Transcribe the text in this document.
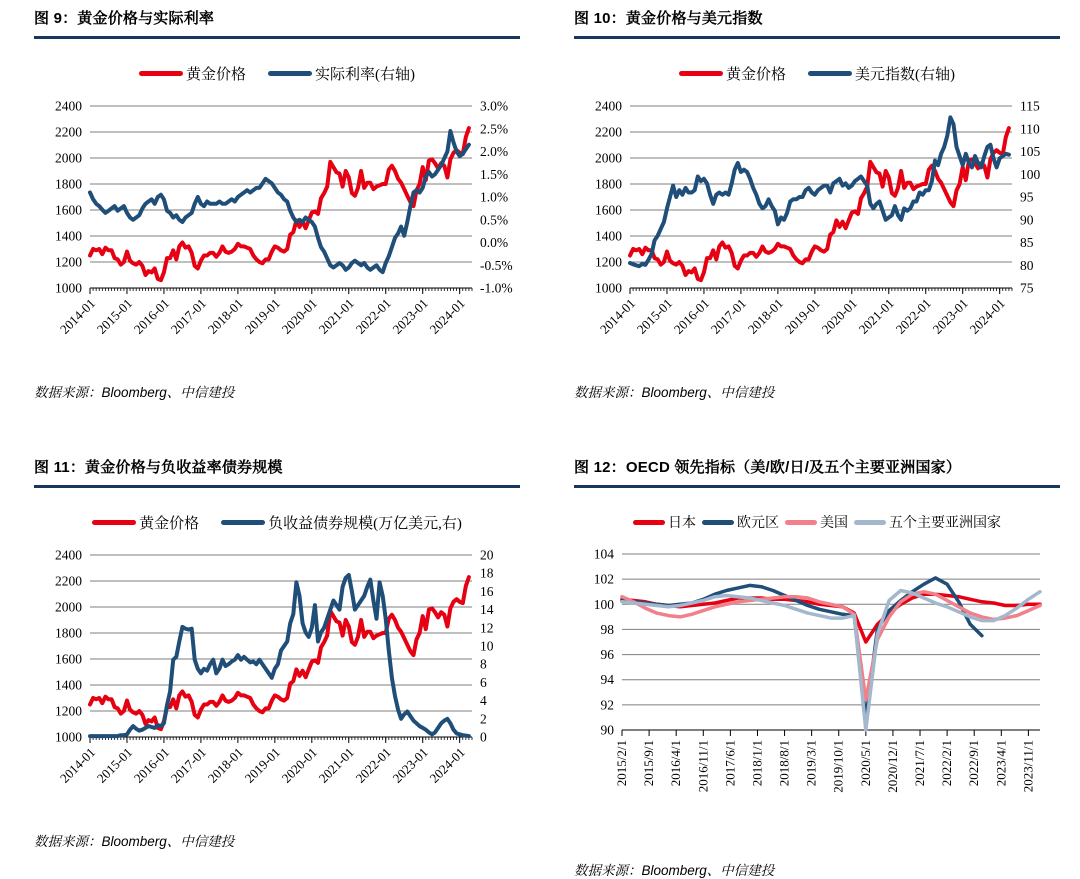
图 9：黄金价格与实际利率
黄金价格	实际利率(右轴)
1000
1200
1400
1600
1800
2000
2200
2400
-1.0%
-0.5%
0.0%
0.5%
1.0%
1.5%
2.0%
2.5%
3.0%
2014-01
2015-01
2016-01
2017-01
2018-01
2019-01
2020-01
2021-01
2022-01
2023-01
2024-01
数据来源：Bloomberg、中信建投
图 10：黄金价格与美元指数
黄金价格	美元指数(右轴)
1000
1200
1400
1600
1800
2000
2200
2400
75
80
85
90
95
100
105
110
115
2014-01
2015-01
2016-01
2017-01
2018-01
2019-01
2020-01
2021-01
2022-01
2023-01
2024-01
数据来源：Bloomberg、中信建投
图 11：黄金价格与负收益率债券规模
黄金价格	负收益债券规模(万亿美元,右)
1000
1200
1400
1600
1800
2000
2200
2400
0
2
4
6
8
10
12
14
16
18
20
2014-01
2015-01
2016-01
2017-01
2018-01
2019-01
2020-01
2021-01
2022-01
2023-01
2024-01
数据来源：Bloomberg、中信建投
图 12：OECD 领先指标（美/欧/日/及五个主要亚洲国家）
日本	欧元区	美国	五个主要亚洲国家
90
92
94
96
98
100
102
104
2015/2/1 2015/9/1 2016/4/1 2016/11/1 2017/6/1 2018/1/1 2018/8/1 2019/3/1 2019/10/1 2020/5/1 2020/12/1 2021/7/1 2022/2/1 2022/9/1 2023/4/1 2023/11/1
数据来源：Bloomberg、中信建投
